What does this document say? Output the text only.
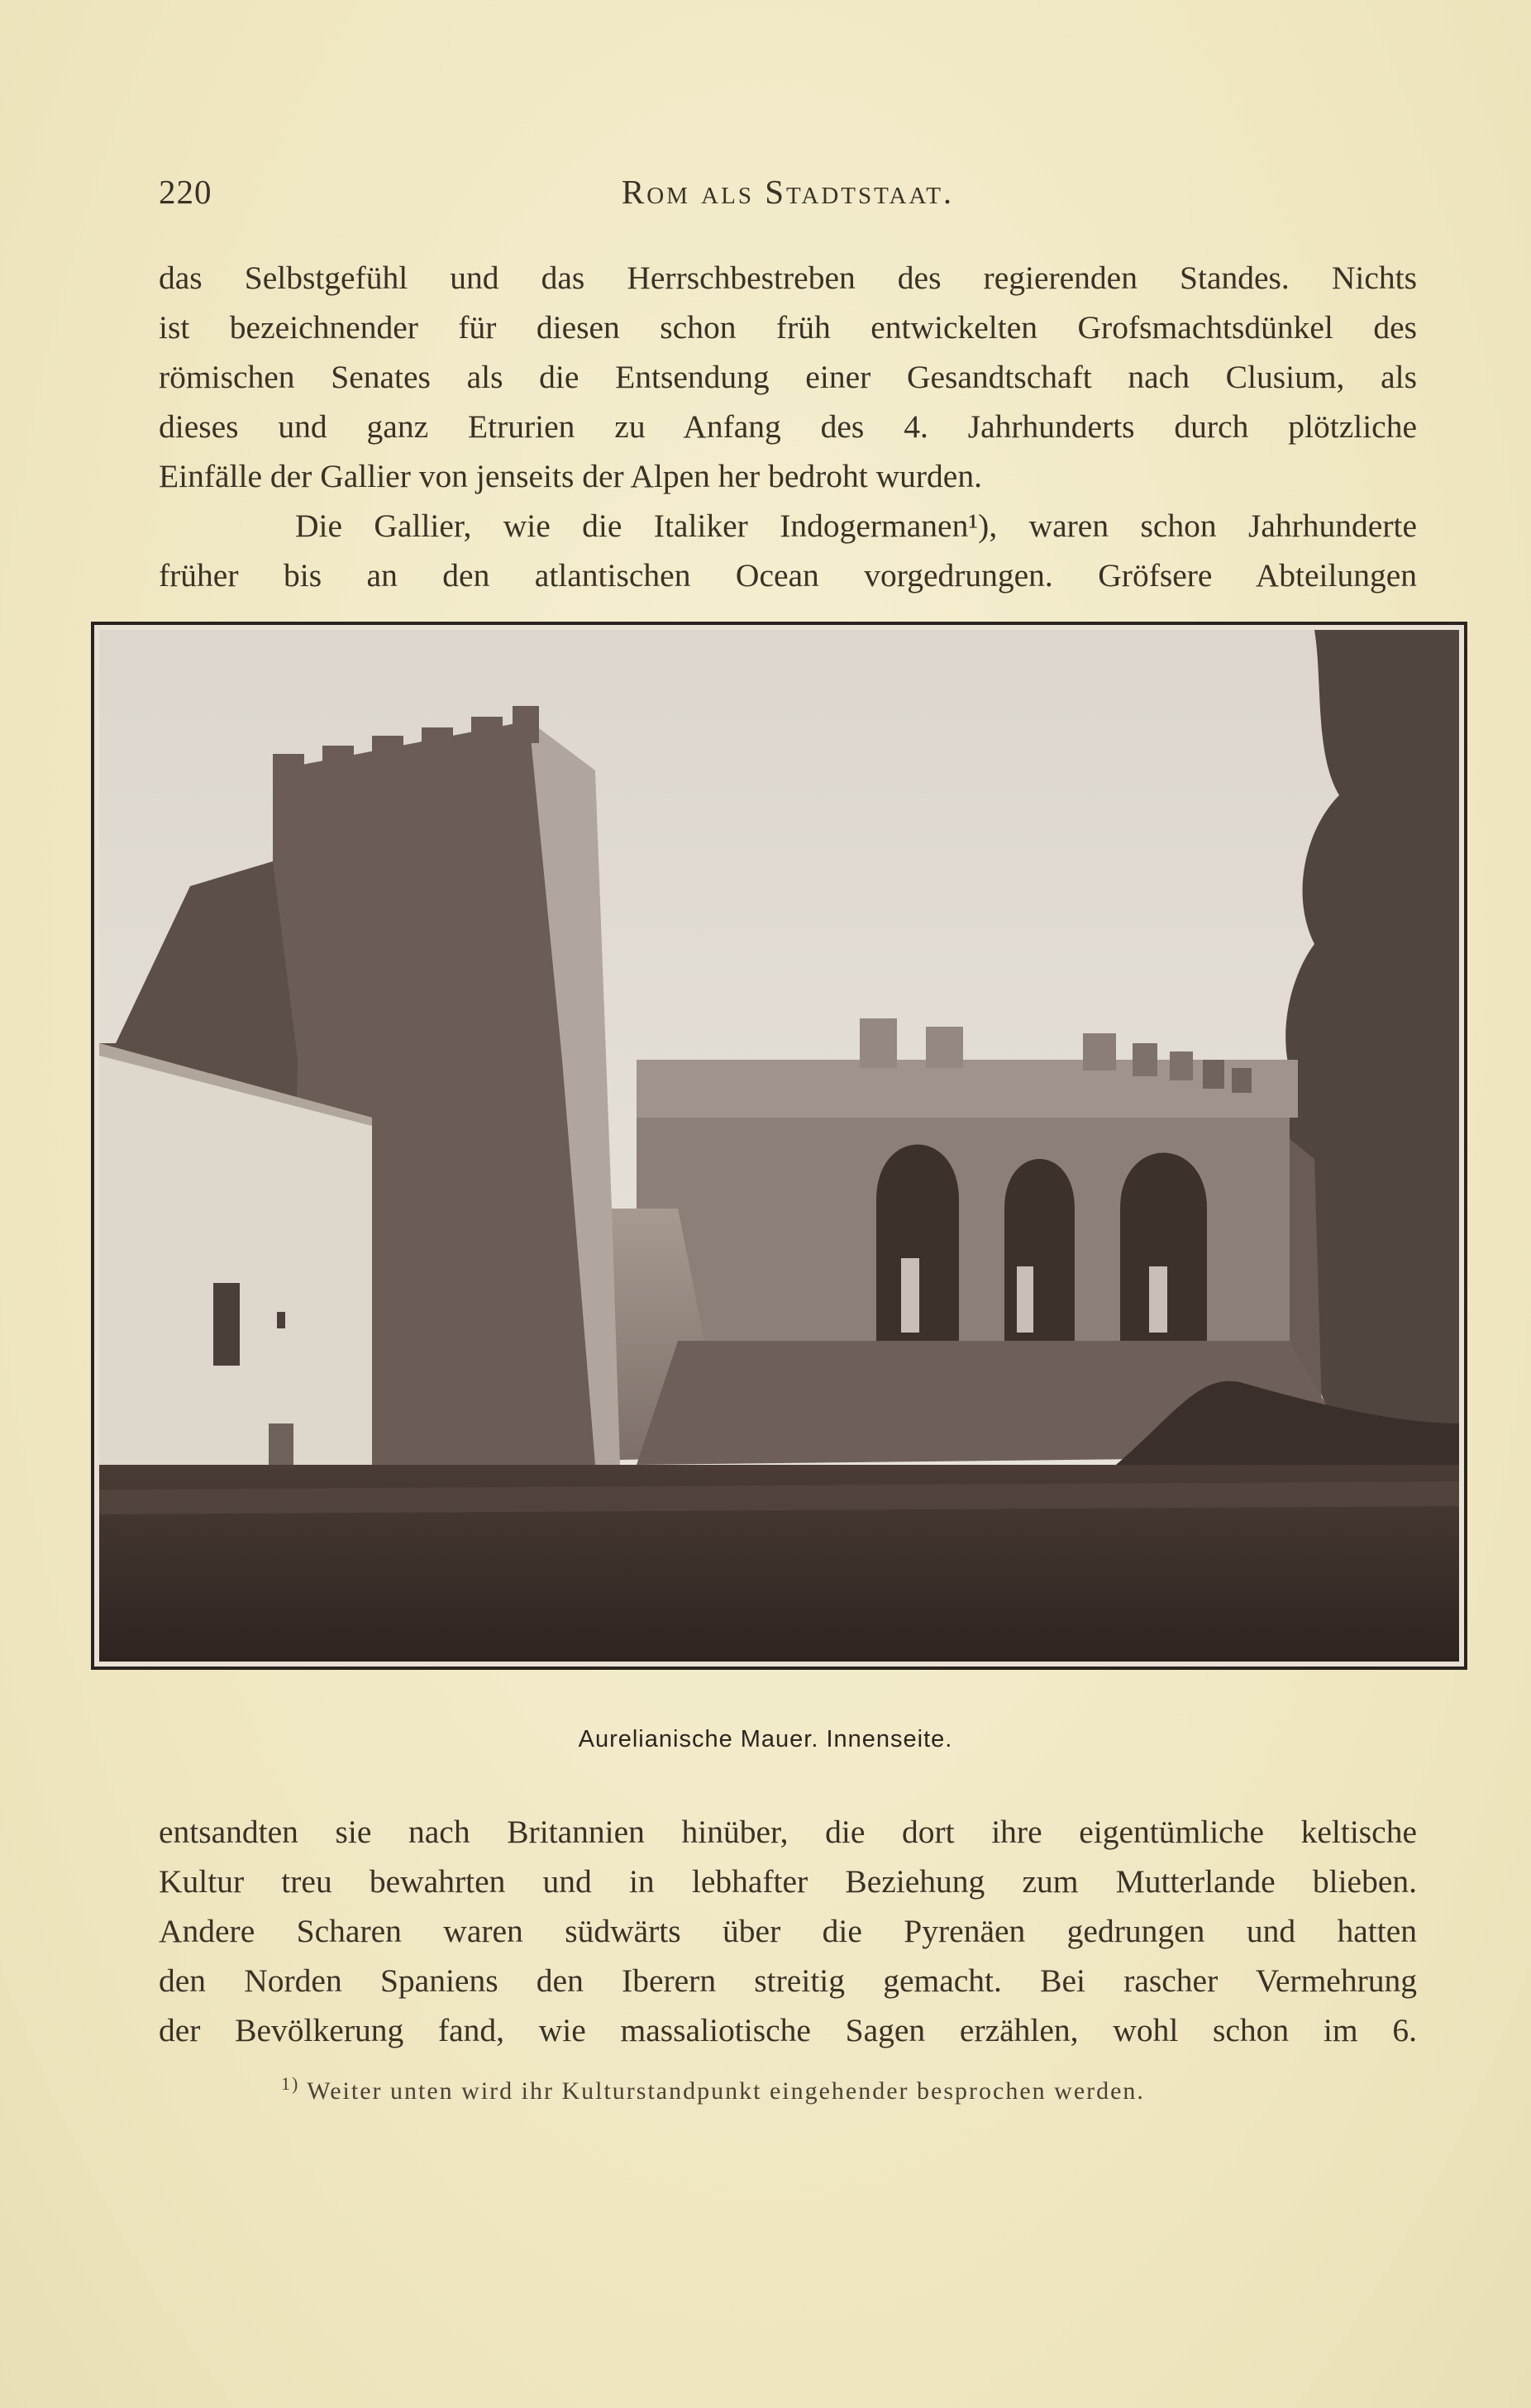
220	Rom als Stadtstaat.
das Selbstgefühl und das Herrschbestreben des regierenden Standes. Nichts
ist bezeichnender für diesen schon früh entwickelten Grofsmachtsdünkel des
römischen Senates als die Entsendung einer Gesandtschaft nach Clusium, als
dieses und ganz Etrurien zu Anfang des 4. Jahrhunderts durch plötzliche
Einfälle der Gallier von jenseits der Alpen her bedroht wurden.
Die Gallier, wie die Italiker Indogermanen¹), waren schon Jahrhunderte
früher bis an den atlantischen Ocean vorgedrungen. Gröfsere Abteilungen
Aurelianische Mauer. Innenseite.
entsandten sie nach Britannien hinüber, die dort ihre eigentümliche keltische
Kultur treu bewahrten und in lebhafter Beziehung zum Mutterlande blieben.
Andere Scharen waren südwärts über die Pyrenäen gedrungen und hatten
den Norden Spaniens den Iberern streitig gemacht. Bei rascher Vermehrung
der Bevölkerung fand, wie massaliotische Sagen erzählen, wohl schon im 6.
$^{1)}$ Weiter unten wird ihr Kulturstandpunkt eingehender besprochen werden.
